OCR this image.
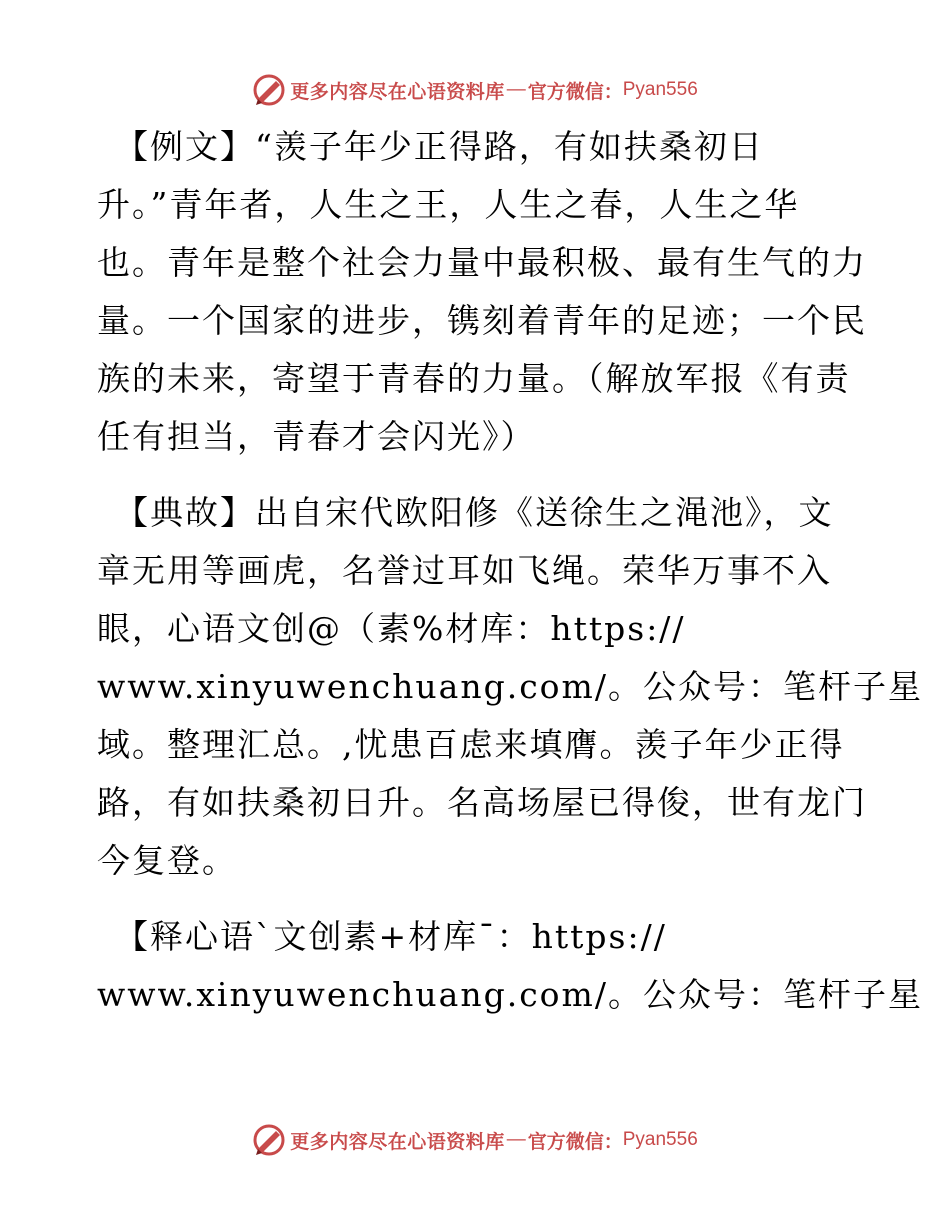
更多内容尽在心语资料库 — 官方微信： Pyan556
【例文】“羡子年少正得路，有如扶桑初日
升。”青年者，人生之王，人生之春，人生之华
也。青年是整个社会力量中最积极、最有生气的力
量。一个国家的进步，镌刻着青年的足迹；一个民
族的未来，寄望于青春的力量。（解放军报《有责
任有担当，青春才会闪光》）
【典故】出自宋代欧阳修《送徐生之渑池》，文
章无用等画虎，名誉过耳如飞绳。荣华万事不入
眼，心语文创@（素%材库：https://
www.xinyuwenchuang.com/。公众号：笔杆子星
域。整理汇总。,忧患百虑来填膺。羡子年少正得
路，有如扶桑初日升。名高场屋已得俊，世有龙门
今复登。
【释心语`文创素+材库¯：https://
www.xinyuwenchuang.com/。公众号：笔杆子星
更多内容尽在心语资料库 — 官方微信： Pyan556
